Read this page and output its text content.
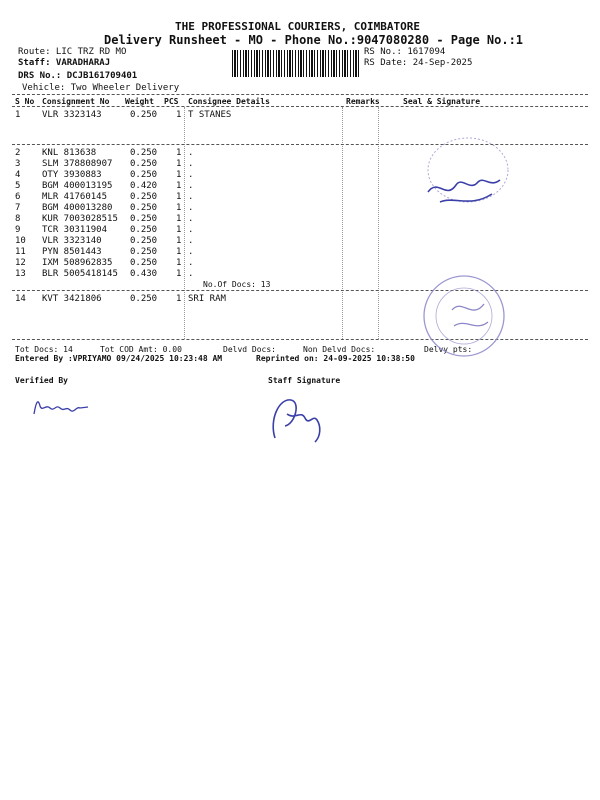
THE PROFESSIONAL COURIERS, COIMBATORE
Delivery Runsheet - MO - Phone No.:9047080280 - Page No.:1
Route: LIC TRZ RD MO
Staff: VARADHARAJ
DRS No.: DCJB161709401
Vehicle: Two Wheeler Delivery
RS No.: 1617094
RS Date: 24-Sep-2025
S No Consignment No Weight PCS Consignee Details	Remarks	Seal & Signature
1 VLR 3323143	0.250 1 T STANES
2 KNL 813638	0.250 1 .
3 SLM 378808907 0.250 1 .
4 OTY 3930883	0.250 1 .
5 BGM 400013195 0.420 1 .
6 MLR 41760145	0.250 1 .
7 BGM 400013280 0.250 1 .
8 KUR 7003028515 0.250 1 .
9 TCR 30311904	0.250 1 .
10 VLR 3323140	0.250 1 .
11 PYN 8501443	0.250 1 .
12 IXM 508962835 0.250 1 .
13 BLR 5005418145 0.430 1 .
No.Of Docs: 13
14 KVT 3421806	0.250 1 SRI RAM
Tot Docs: 14	Tot COD Amt: 0.00	Delvd Docs:	Non Delvd Docs:	Delvy pts:
Entered By :VPRIYAMO 09/24/2025 10:23:48 AM	Reprinted on: 24-09-2025 10:38:50
Verified By	Staff Signature
